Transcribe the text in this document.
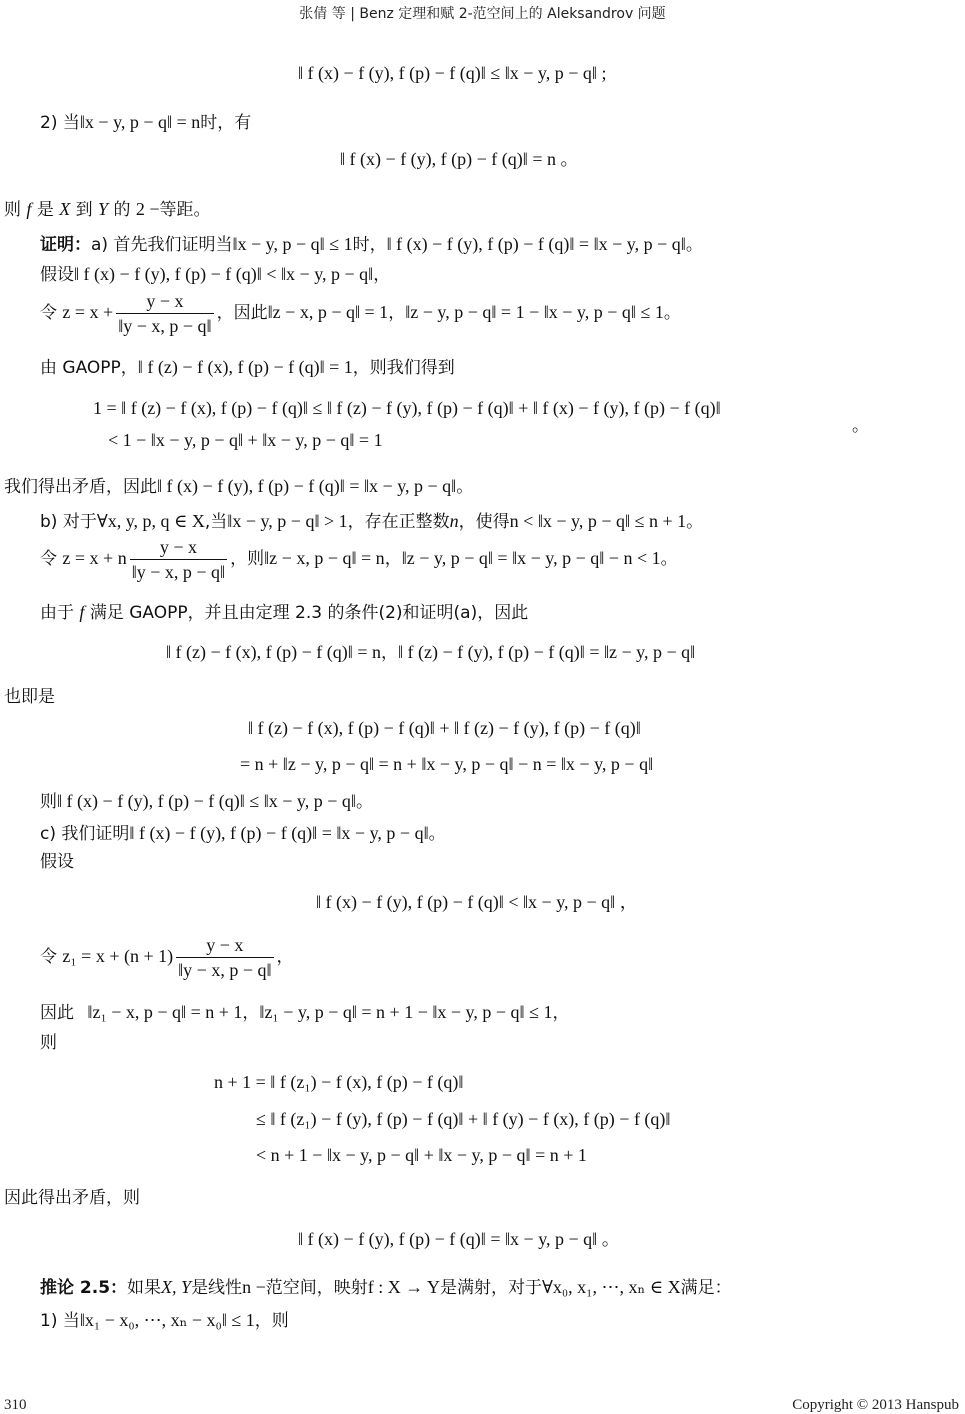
张倩 等 | Benz 定理和赋 2-范空间上的 Aleksandrov 问题
‖ f (x) − f (y), f (p) − f (q)‖ ≤ ‖x − y, p − q‖ ;
2) 当‖x − y, p − q‖ = n时，有
‖ f (x) − f (y), f (p) − f (q)‖ = n 。
则 f 是 X 到 Y 的 2 −等距。
证明：a) 首先我们证明当‖x − y, p − q‖ ≤ 1时，‖ f (x) − f (y), f (p) − f (q)‖ = ‖x − y, p − q‖。
假设‖ f (x) − f (y), f (p) − f (q)‖ < ‖x − y, p − q‖，
令 $z = x + \frac{y - x}{‖y - x, p - q‖}$ ，因此‖z − x, p − q‖ = 1，‖z − y, p − q‖ = 1 − ‖x − y, p − q‖ ≤ 1。
由 GAOPP，‖ f (z) − f (x), f (p) − f (q)‖ = 1，则我们得到
1 = ‖ f (z) − f (x), f (p) − f (q)‖ ≤ ‖ f (z) − f (y), f (p) − f (q)‖ + ‖ f (x) − f (y), f (p) − f (q)‖
。
< 1 − ‖x − y, p − q‖ + ‖x − y, p − q‖ = 1
我们得出矛盾，因此‖ f (x) − f (y), f (p) − f (q)‖ = ‖x − y, p − q‖。
b) 对于∀x, y, p, q ∈ X,当‖x − y, p − q‖ > 1，存在正整数n，使得n < ‖x − y, p − q‖ ≤ n + 1。
令 z = x + n $\frac{y - x}{‖y - x, p - q‖}$ ，则‖z − x, p − q‖ = n，‖z − y, p − q‖ = ‖x − y, p − q‖ − n < 1。
由于 f 满足 GAOPP，并且由定理 2.3 的条件(2)和证明(a)，因此
‖ f (z) − f (x), f (p) − f (q)‖ = n，‖ f (z) − f (y), f (p) − f (q)‖ = ‖z − y, p − q‖
也即是
‖ f (z) − f (x), f (p) − f (q)‖ + ‖ f (z) − f (y), f (p) − f (q)‖
= n + ‖z − y, p − q‖ = n + ‖x − y, p − q‖ − n = ‖x − y, p − q‖
则‖ f (x) − f (y), f (p) − f (q)‖ ≤ ‖x − y, p − q‖。
c) 我们证明‖ f (x) − f (y), f (p) − f (q)‖ = ‖x − y, p − q‖。
假设
‖ f (x) − f (y), f (p) − f (q)‖ < ‖x − y, p − q‖ ，
令 $z_1 = x + (n + 1) \frac{y - x}{‖y - x, p - q‖}$ ，
因此 ‖z₁ − x, p − q‖ = n + 1，‖z₁ − y, p − q‖ = n + 1 − ‖x − y, p − q‖ ≤ 1，
则
n + 1 = ‖ f (z₁) − f (x), f (p) − f (q)‖
≤ ‖ f (z₁) − f (y), f (p) − f (q)‖ + ‖ f (y) − f (x), f (p) − f (q)‖
< n + 1 − ‖x − y, p − q‖ + ‖x − y, p − q‖ = n + 1
因此得出矛盾，则
‖ f (x) − f (y), f (p) − f (q)‖ = ‖x − y, p − q‖ 。
推论 2.5：如果X, Y是线性n −范空间，映射f : X → Y是满射，对于∀x₀, x₁, ⋯, xₙ ∈ X满足：
1) 当‖x₁ − x₀, ⋯, xₙ − x₀‖ ≤ 1，则
310	Copyright © 2013 Hanspub
